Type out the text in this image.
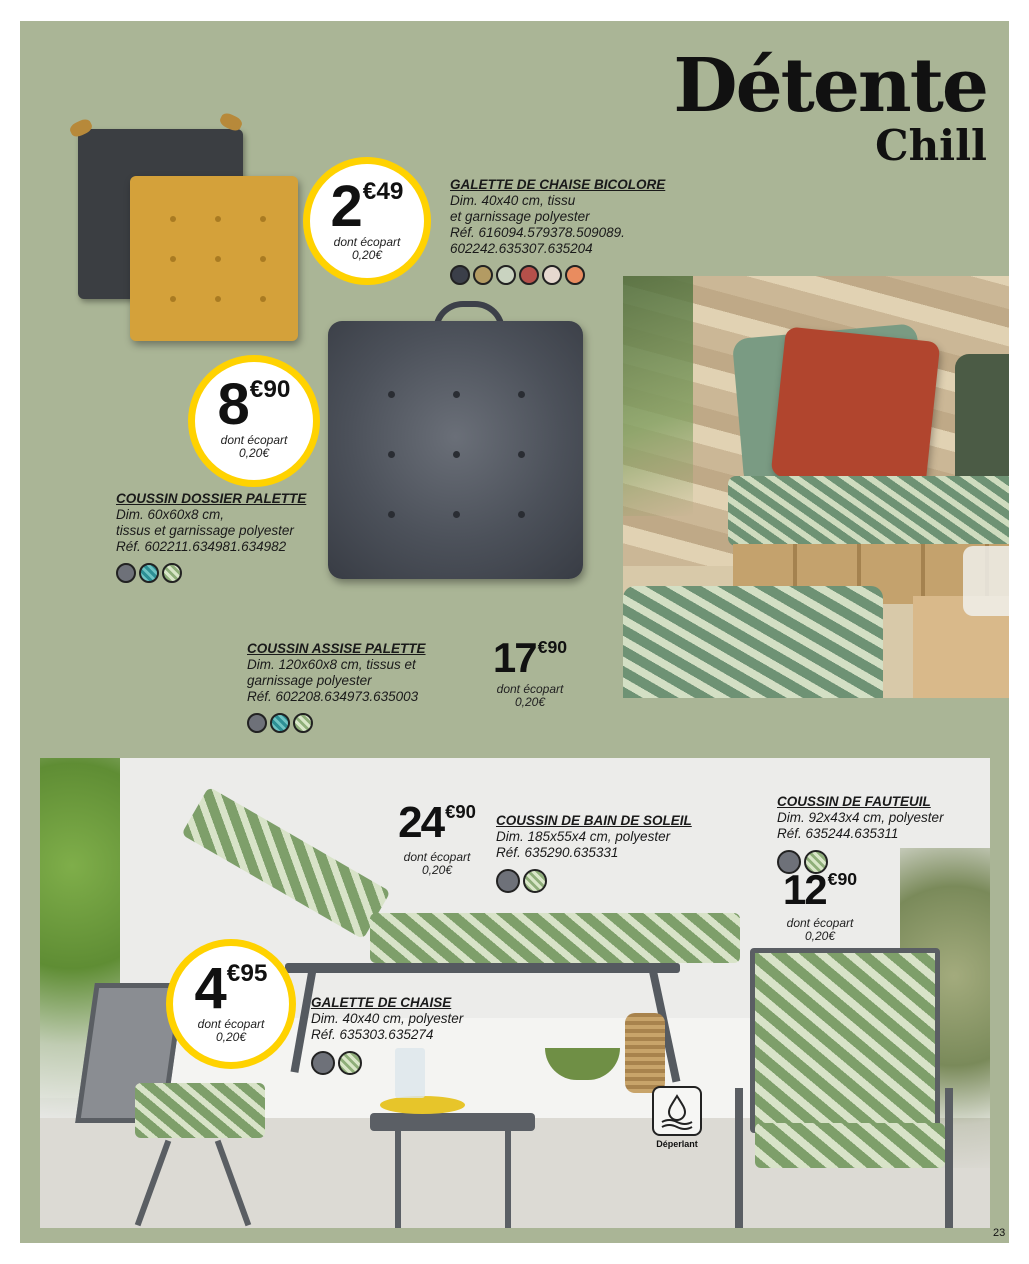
Détente
Chill
$2^{€49}$
dont écopart
0,20€
GALETTE DE CHAISE BICOLORE
Dim. 40x40 cm, tissu
et garnissage polyester
Réf. 616094.579378.509089.
602242.635307.635204
$8^{€90}$
dont écopart
0,20€
COUSSIN DOSSIER PALETTE
Dim. 60x60x8 cm,
tissus et garnissage polyester
Réf. 602211.634981.634982
COUSSIN ASSISE PALETTE
Dim. 120x60x8 cm, tissus et
garnissage polyester
Réf. 602208.634973.635003
17 $^{€90}$
dont écopart
0,20€
24 $^{€90}$
dont écopart
0,20€
COUSSIN DE BAIN DE SOLEIL
Dim. 185x55x4 cm, polyester
Réf. 635290.635331
COUSSIN DE FAUTEUIL
Dim. 92x43x4 cm, polyester
Réf. 635244.635311
12 $^{€90}$
dont écopart
0,20€
$4^{€95}$
dont écopart
0,20€
GALETTE DE CHAISE
Dim. 40x40 cm, polyester
Réf. 635303.635274
Déperlant
23
